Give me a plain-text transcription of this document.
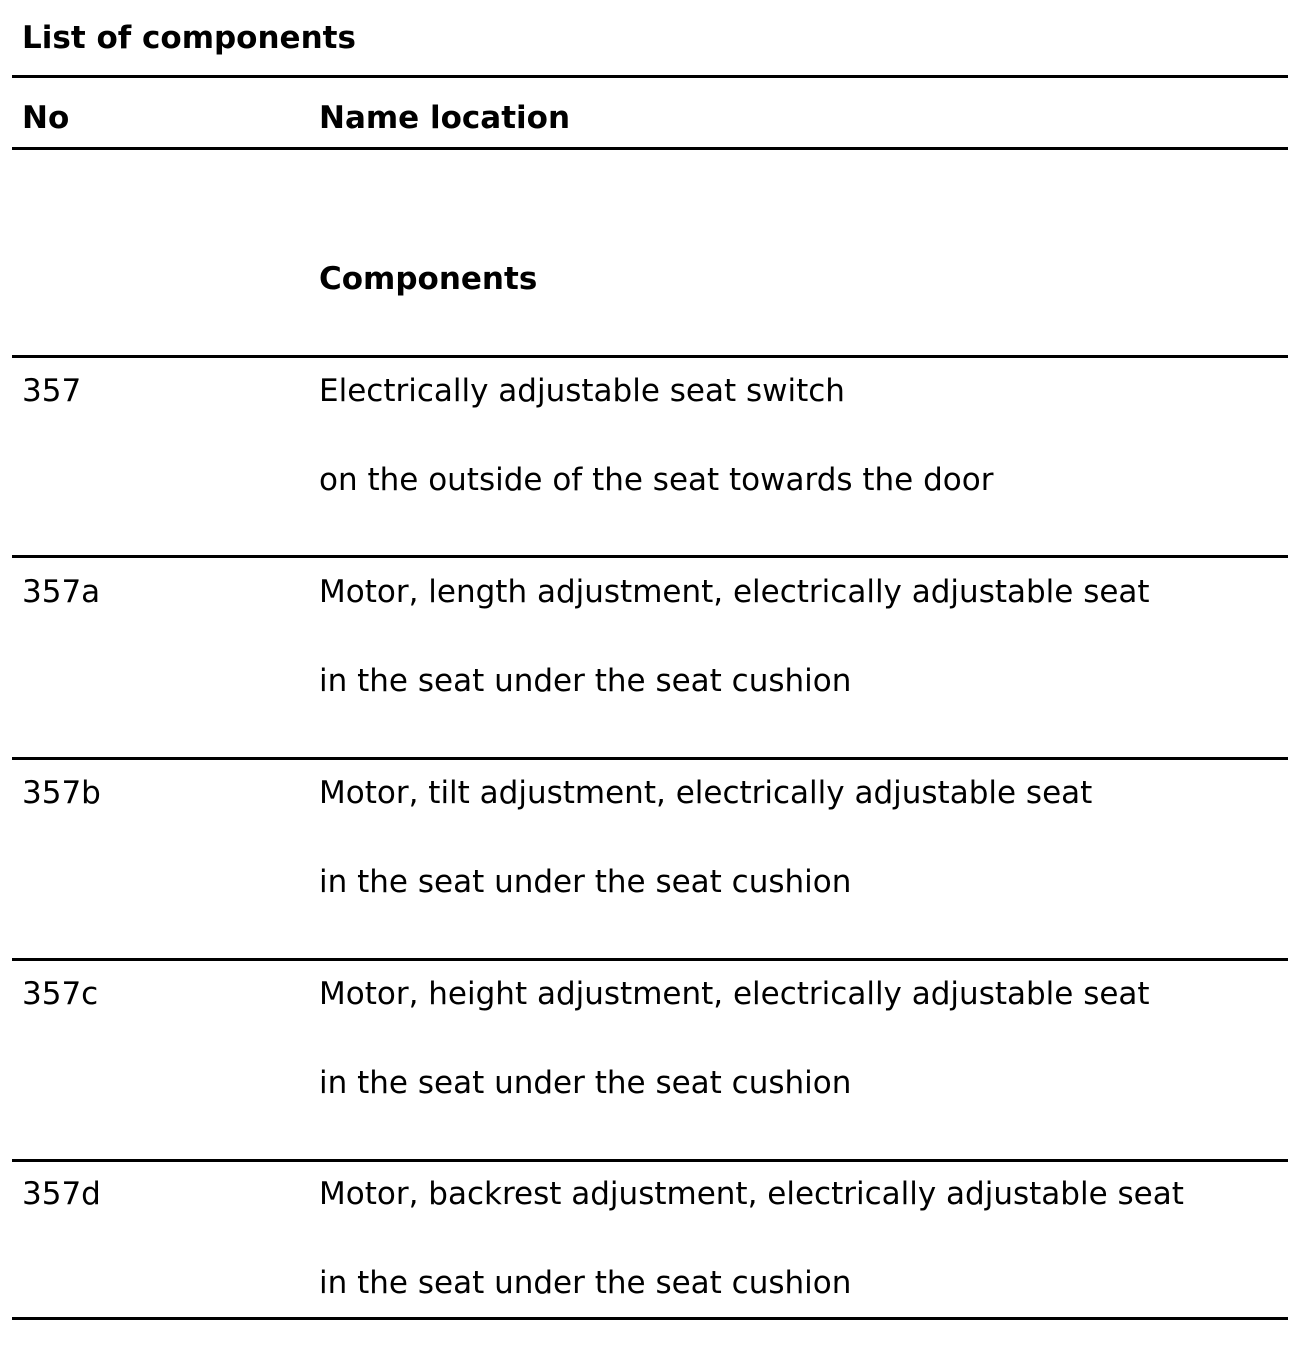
List of components
No	Name location
Components
357	Electrically adjustable seat switch
on the outside of the seat towards the door
357a	Motor, length adjustment, electrically adjustable seat
in the seat under the seat cushion
357b	Motor, tilt adjustment, electrically adjustable seat
in the seat under the seat cushion
357c	Motor, height adjustment, electrically adjustable seat
in the seat under the seat cushion
357d	Motor, backrest adjustment, electrically adjustable seat
in the seat under the seat cushion
